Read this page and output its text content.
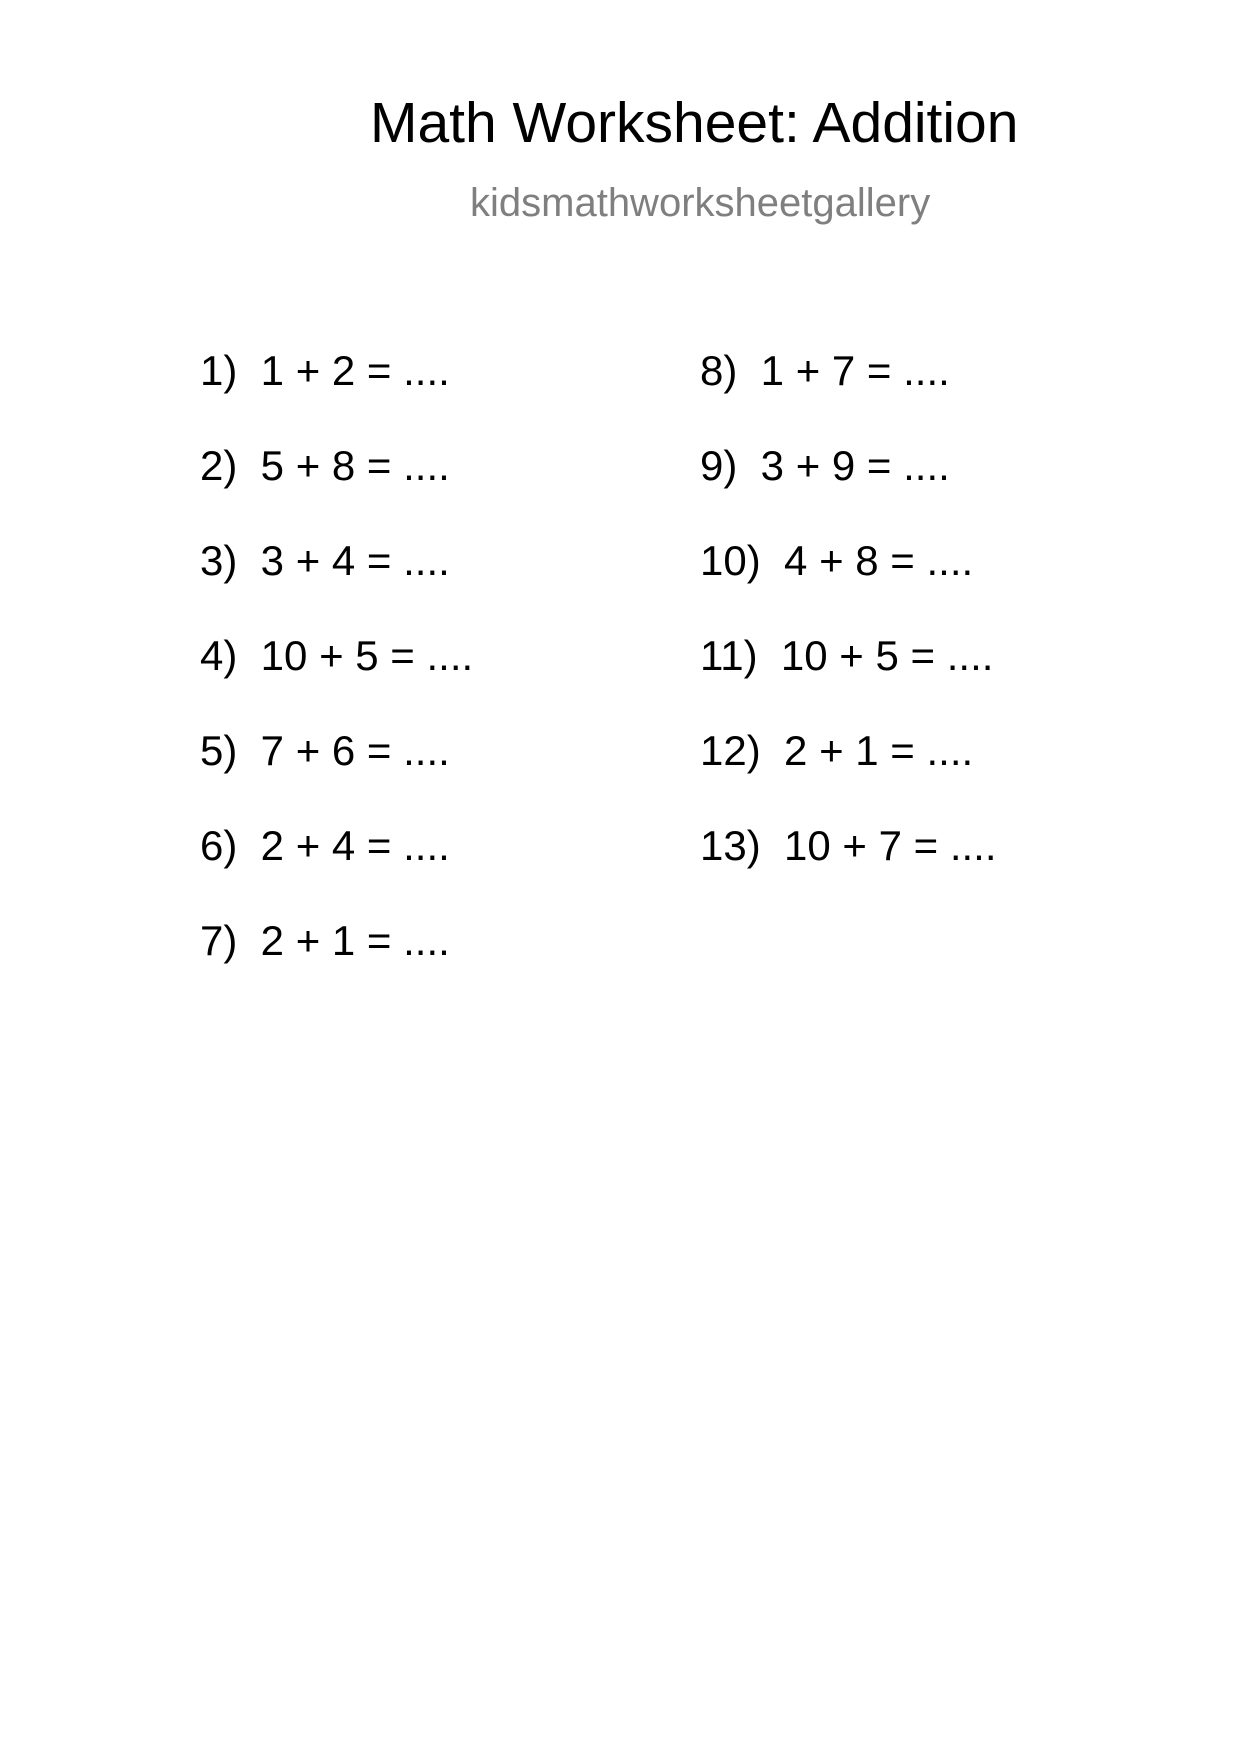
Math Worksheet: Addition
kidsmathworksheetgallery
1)  1 + 2 = ....
2)  5 + 8 = ....
3)  3 + 4 = ....
4)  10 + 5 = ....
5)  7 + 6 = ....
6)  2 + 4 = ....
7)  2 + 1 = ....
8)  1 + 7 = ....
9)  3 + 9 = ....
10)  4 + 8 = ....
11)  10 + 5 = ....
12)  2 + 1 = ....
13)  10 + 7 = ....
